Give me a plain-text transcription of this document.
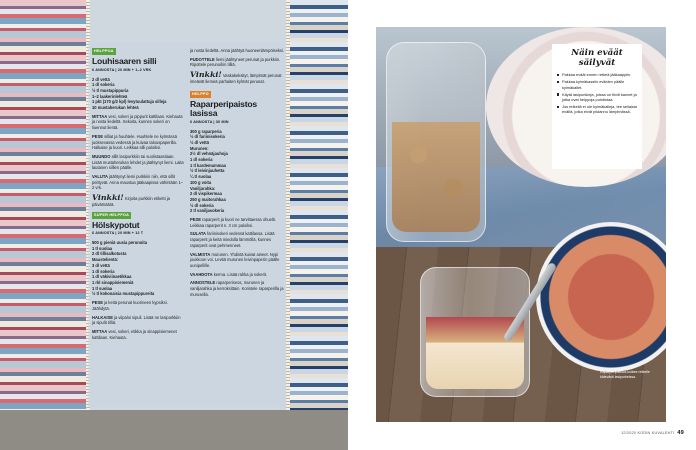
HELPPOA
Louhisaaren silli
6 ANNOSTA | 20 MIN + 1–2 VRK
2 dl vettä
1 dl sokeria
½ tl mustapippuria
1–2 laakerinlehteä
1 pkt (170 g/2 kpl) levytuulattuja silleja
10 mustaherukan lehteä
MITTAA vesi, sokeri ja pippurit kattilaan. Kiehauta ja nosta liedeltä. Sekoita, kunnes sokeri on liuennut lientä.
PESE silliat ja huuhtele. Huuhtele ne kylmässä juoksevassa vedessä ja kuivaa talouspaperilla. Halkaise ja kuori. Leikkaa silli paloiksi.
MUUNDO sillit lasipurkkiin tai suolistaastiaan. Lisää mustaherukan lehdet ja jäähtynyt liemi. Laita lautanen sillien päälle.
VALUTA jäähtynyt liemi purkkiin niin, että sillit peittyvät. Anna maustua jääkaapissa vähintään 1–2 vrk.
Vinkki! Kirjoita purkkiin etiketti ja päivämäärä.
SUPER HELPPOA
Hölskypotut
6 ANNOSTA | 20 MIN + 12 T
500 g pieniä uusia perunoita
1 tl suolaa
2 dl tillisalkotusta
Maustelientä:
3 dl vettä
1 dl sokeria
1 dl väkiviinaetikkaa
1 rkl sinappisiemeniä
1 tl suolaa
½ tl kokonaisia mustapippureita
PESE ja keitä perunat kuorineen kypsiksi. Jäähdytä.
HALKAISE ja viipaloi sipuli. Lisää ne lasipurkkiin ja sipulit tilliä.
MITTAA vesi, sokeri, etikka ja sinappisiemenet kattilaan. Kiehauta.
ja nosta liedeltä. Anna jäähtyä huoneenlämpöiseksi.
PUDOTTELE liemi jäähtyneet perunat ja purkkiin. Ripottele perunoihin tilliä.
Vinkki! Vaskakeksityt, lämpimät perunat imeävät liemeä parhaiten kylmät perunat.
HELPPO
Raparperipaistos lasissa
6 ANNOSTA | 30 MIN
300 g raparperia
½ dl fariinisokeria
½ dl vettä
Murunen:
2½ dl vehnäjauhoja
1 dl sokeria
1 tl kardemummaa
½ tl leivinjauhetta
¼ tl suolaa
100 g voita
Vaniljarahka:
2 dl vispikermaa
250 g maitorahkaa
½ dl sokeria
2 tl vaniljasokeria
PESE raparperit ja kuori ne tarvittaessa ohuelti. Leikkaa raparperit n. 3 cm paloiksi.
SULATA fariinisokeri vedessä kattilassa. Lisää raparperit ja keitä miedolla lämmöllä, kunnes raparperit ovat pehmenneet.
VALMISTA murunen. Yhdistä kuivat aineet. Nypi joukkoon voi. Levitä murunen leivinpaperin päälle uunipellille.
VAAHDOTA kerma. Lisää rahka ja sokerit.
ANNOSTELE raparperiseos, murunen ja vaniljarahka ja kerroksittain. Koristele raparperilla ja murusella.
Näin eväät säilyvät
Pakkaa eväät ennen retkeä jääkaappiin.
Pakkaa kylmäkassiin eväiden päälle kylmäkallet.
Käytä lasipurkkeja, joissa on tiiviit kannet ja jotka ovat helppoja puhdistaa.
Jos retkellä ei ole kylmäkalleja, tee sellaisia eväitä, jotka eivät pilaannu lämpimässä.
Raparperipaistos kulkee retkelle kätevästi lasipurkeissa.
12/2020 KODIN KUVALEHTI 49
